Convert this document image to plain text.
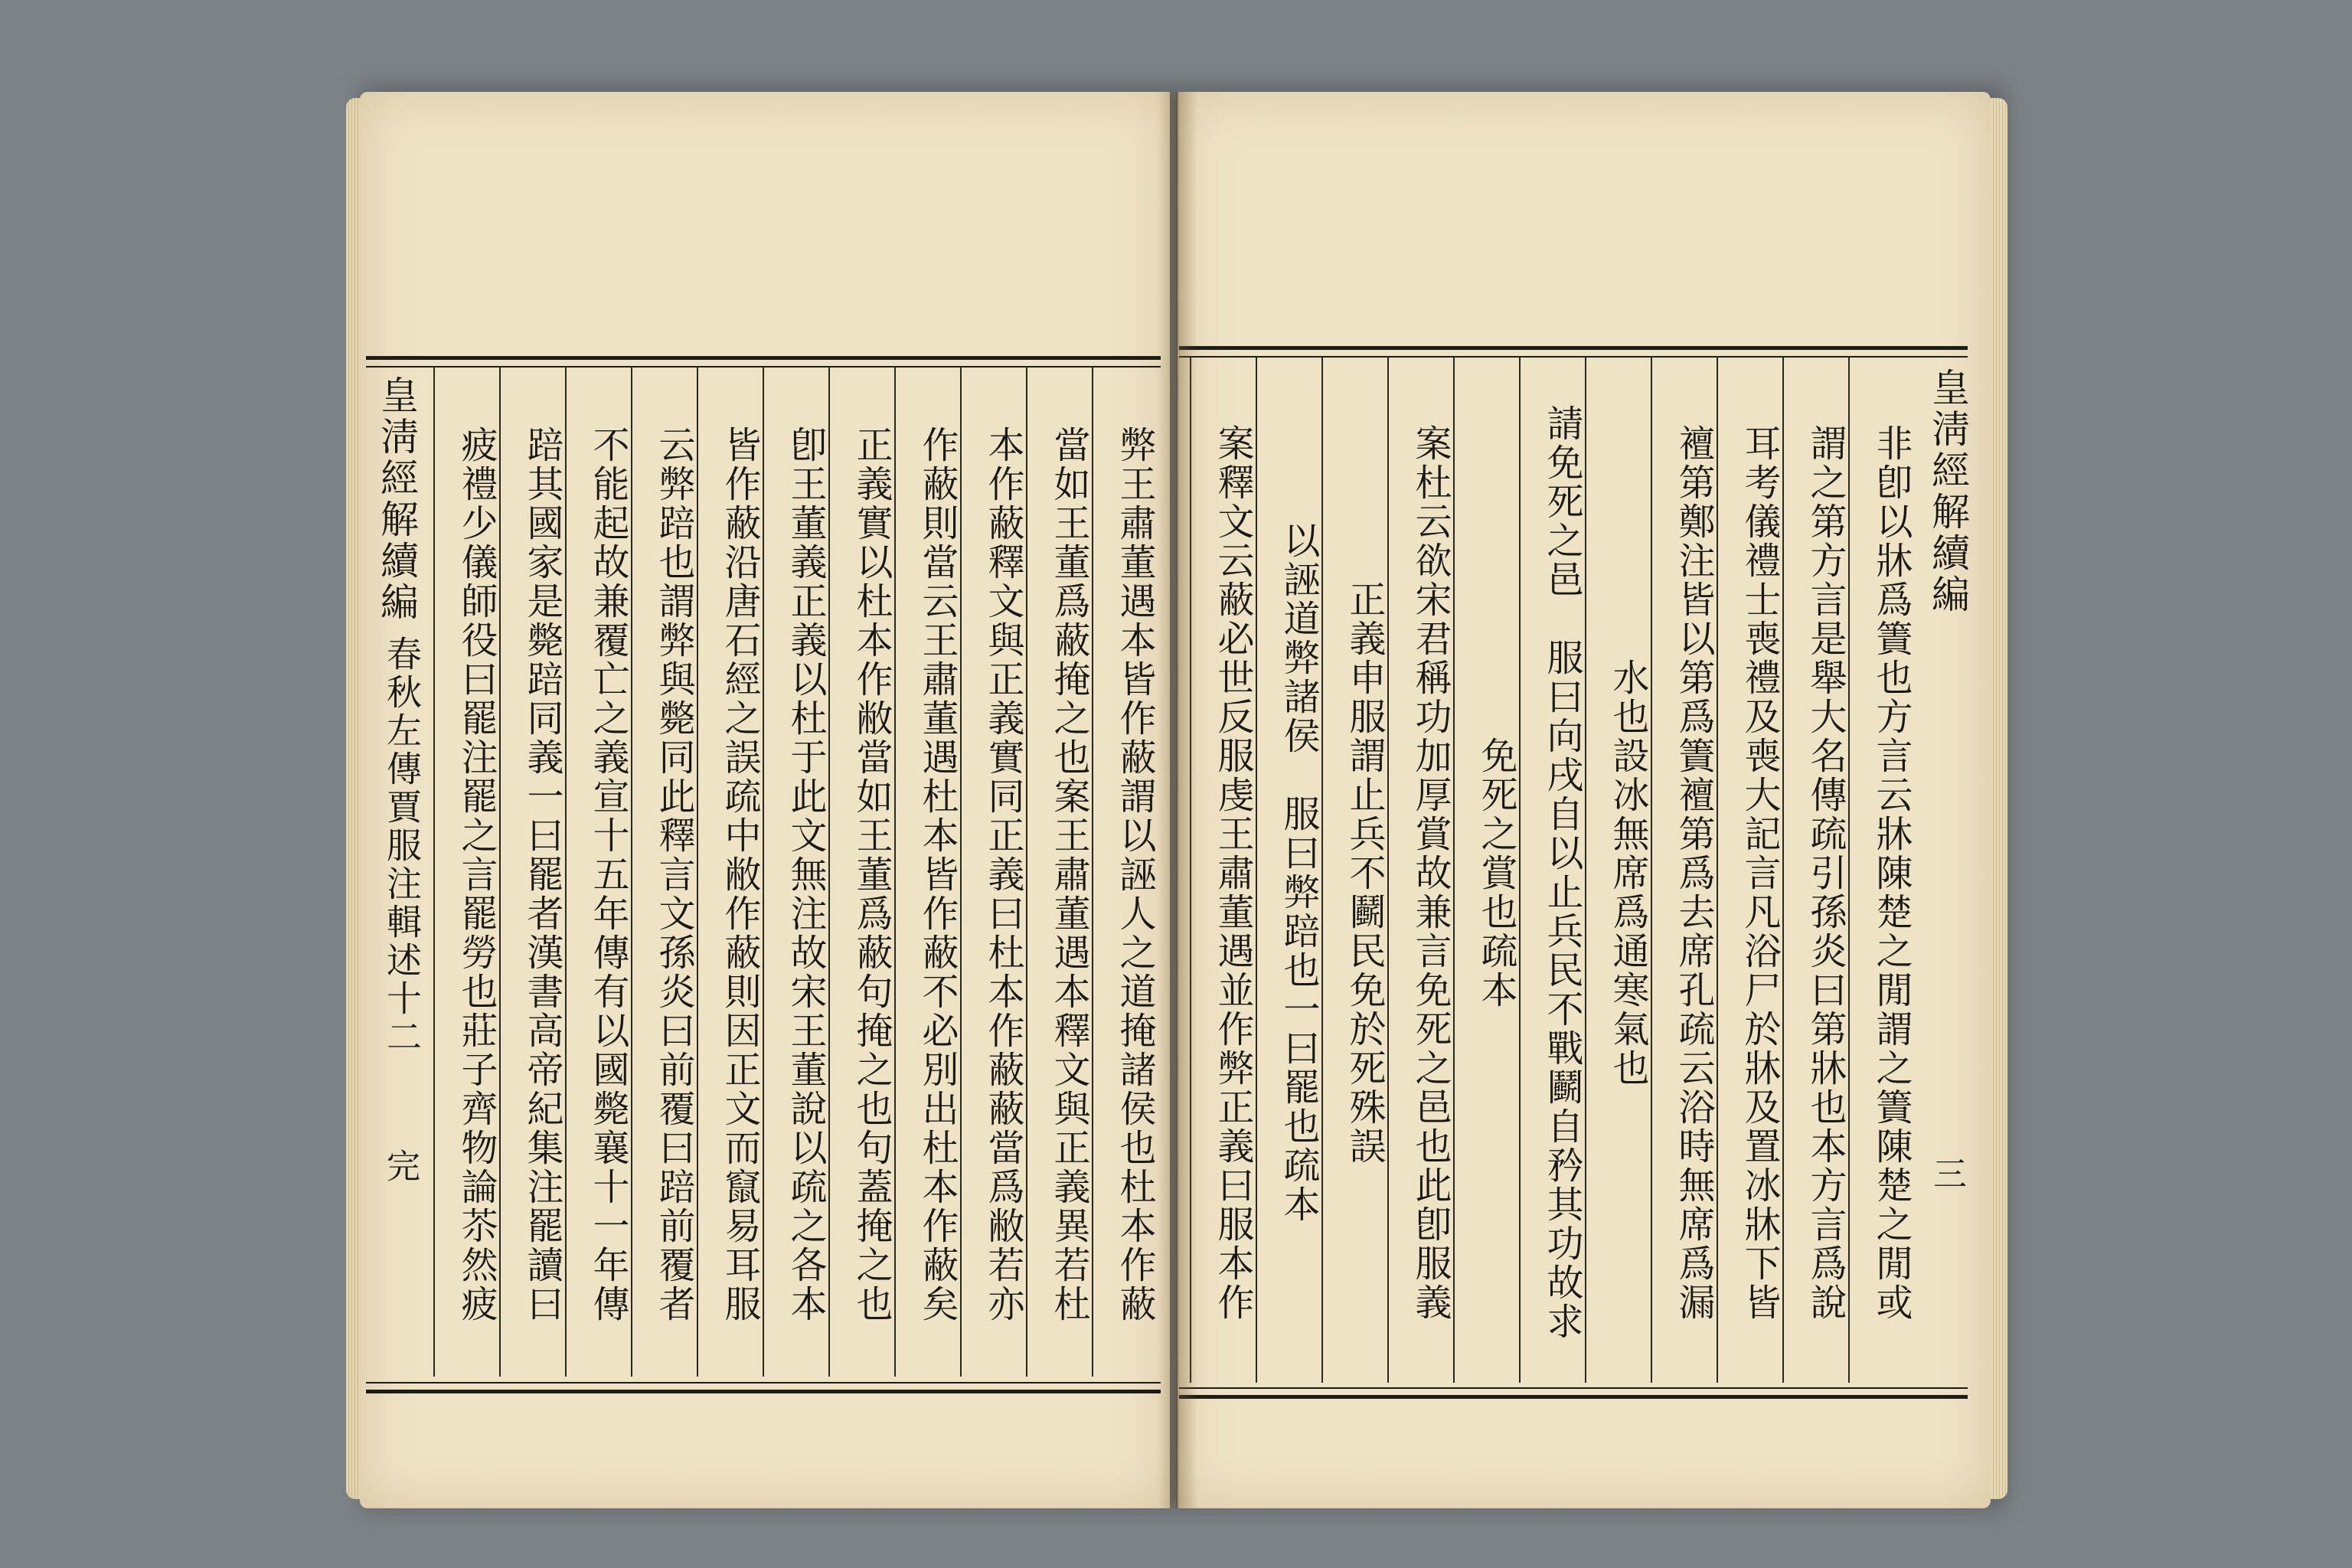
弊王肅董遇本皆作蔽謂以誣人之道掩諸侯也杜本作蔽
當如王董爲蔽掩之也案王肅董遇本釋文與正義異若杜
本作蔽釋文與正義實同正義曰杜本作蔽蔽當爲敝若亦
作蔽則當云王肅董遇杜本皆作蔽不必別出杜本作蔽矣
正義實以杜本作敝當如王董爲蔽句掩之也句蓋掩之也
卽王董義正義以杜于此文無注故宋王董說以疏之各本
皆作蔽沿唐石經之誤疏中敝作蔽則因正文而竄易耳服
云弊踣也謂弊與斃同此釋言文孫炎曰前覆曰踣前覆者
不能起故兼覆亡之義宣十五年傳有以國斃襄十一年傳
踣其國家是斃踣同義一曰罷者漢書高帝紀集注罷讀曰
疲禮少儀師役曰罷注罷之言罷勞也莊子齊物論苶然疲
皇淸經解續編
春秋左傳賈服注輯述十二
完	非卽以牀爲簀也方言云牀陳楚之閒謂之簀陳楚之閒或
謂之第方言是舉大名傳疏引孫炎曰第牀也本方言爲說
耳考儀禮士喪禮及喪大記言凡浴尸於牀及置冰牀下皆
襢第鄭注皆以第爲簀襢第爲去席孔疏云浴時無席爲漏
水也設冰無席爲通寒氣也
請免死之邑　服曰向戌自以止兵民不戰鬬自矜其功故求
免死之賞也疏本
案杜云欲宋君稱功加厚賞故兼言免死之邑也此卽服義
正義申服謂止兵不鬬民免於死殊誤
以誣道弊諸侯　服曰弊踣也一曰罷也疏本
案釋文云蔽必世反服虔王肅董遇並作弊正義曰服本作	皇淸經解續編
三
